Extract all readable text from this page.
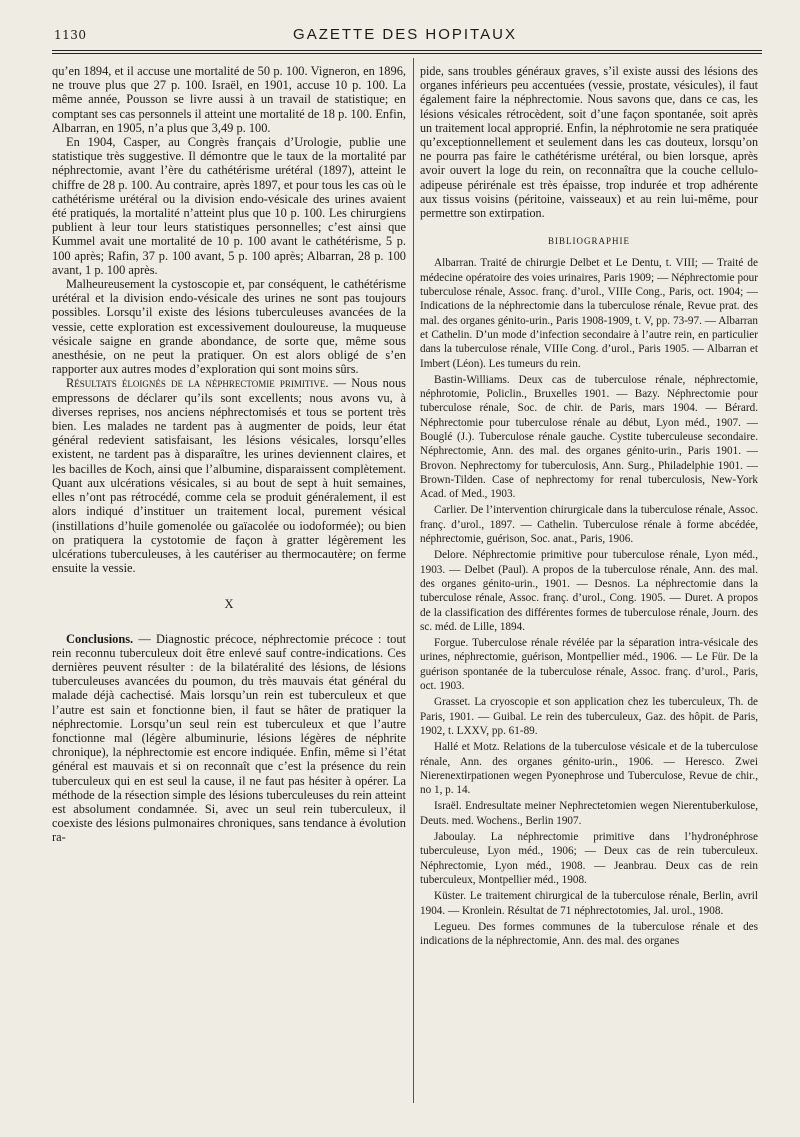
1130	GAZETTE DES HOPITAUX

qu’en 1894, et il accuse une mortalité de 50 p. 100. Vigneron, en 1896, ne trouve plus que 27 p. 100. Israël, en 1901, accuse 10 p. 100. La même année, Pousson se livre aussi à un travail de statistique; en comptant ses cas personnels il atteint une mortalité de 18 p. 100. Enfin, Albarran, en 1905, n’a plus que 3,49 p. 100.

En 1904, Casper, au Congrès français d’Urologie, publie une statistique très suggestive. Il démontre que le taux de la mortalité par néphrectomie, avant l’ère du cathétérisme urétéral (1897), atteint le chiffre de 28 p. 100. Au contraire, après 1897, et pour tous les cas où le cathétérisme urétéral ou la division endo-vésicale des urines avaient été pratiqués, la mortalité n’atteint plus que 10 p. 100. Les chirurgiens publient à leur tour leurs statistiques personnelles; c’est ainsi que Kummel avait une mortalité de 10 p. 100 avant le cathétérisme, 5 p. 100 après; Rafin, 37 p. 100 avant, 5 p. 100 après; Albarran, 28 p. 100 avant, 1 p. 100 après.

Malheureusement la cystoscopie et, par conséquent, le cathétérisme urétéral et la division endo-vésicale des urines ne sont pas toujours possibles. Lorsqu’il existe des lésions tuberculeuses avancées de la vessie, cette exploration est excessivement douloureuse, la muqueuse vésicale saigne en grande abondance, de sorte que, même sous anesthésie, on ne peut la pratiquer. On est alors obligé de s’en rapporter aux autres modes d’exploration qui sont moins sûrs.

Résultats éloignés de la néphrectomie primitive. — Nous nous empressons de déclarer qu’ils sont excellents; nous avons vu, à diverses reprises, nos anciens néphrectomisés et tous se portent très bien. Les malades ne tardent pas à augmenter de poids, leur état général redevient satisfaisant, les lésions vésicales, lorsqu’elles existent, ne tardent pas à disparaître, les urines deviennent claires, et les bacilles de Koch, ainsi que l’albumine, disparaissent complètement. Quant aux ulcérations vésicales, si au bout de sept à huit semaines, elles n’ont pas rétrocédé, comme cela se produit généralement, il est alors indiqué d’instituer un traitement local, purement vésical (instillations d’huile gomenolée ou gaïacolée ou iodoformée); ou bien on pratiquera la cystotomie de façon à gratter légèrement les ulcérations tuberculeuses, à les cautériser au thermocautère; on ferme ensuite la vessie.

X

Conclusions. — Diagnostic précoce, néphrectomie précoce : tout rein reconnu tuberculeux doit être enlevé sauf contre-indications. Ces dernières peuvent résulter : de la bilatéralité des lésions, de lésions tuberculeuses avancées du poumon, du très mauvais état général du malade déjà cachectisé. Mais lorsqu’un rein est tuberculeux et que l’autre est sain et fonctionne bien, il faut se hâter de pratiquer la néphrectomie. Lorsqu’un seul rein est tuberculeux et que l’autre fonctionne mal (légère albuminurie, lésions légères de néphrite chronique), la néphrectomie est encore indiquée. Enfin, même si l’état général est mauvais et si on reconnaît que c’est la présence du rein tuberculeux qui en est seul la cause, il ne faut pas hésiter à opérer. La méthode de la résection simple des lésions tuberculeuses du rein atteint est absolument condamnée. Si, avec un seul rein tuberculeux, il coexiste des lésions pulmonaires chroniques, sans tendance à évolution ra-

pide, sans troubles généraux graves, s’il existe aussi des lésions des organes inférieurs peu accentuées (vessie, prostate, vésicules), il faut également faire la néphrectomie. Nous savons que, dans ce cas, les lésions vésicales rétrocèdent, soit d’une façon spontanée, soit après un traitement local approprié. Enfin, la néphrotomie ne sera pratiquée qu’exceptionnellement et seulement dans les cas douteux, lorsqu’on ne pourra pas faire le cathétérisme urétéral, ou bien lorsque, après avoir ouvert la loge du rein, on reconnaîtra que la couche cellulo-adipeuse périrénale est très épaisse, trop indurée et trop adhérente aux tissus voisins (péritoine, vaisseaux) et au rein lui-même, pour permettre son extirpation.

BIBLIOGRAPHIE

Albarran. Traité de chirurgie Delbet et Le Dentu, t. VIII; — Traité de médecine opératoire des voies urinaires, Paris 1909; — Néphrectomie pour tuberculose rénale, Assoc. franç. d’urol., VIIIe Cong., Paris, oct. 1904; — Indications de la néphrectomie dans la tuberculose rénale, Revue prat. des mal. des organes génito-urin., Paris 1908-1909, t. V, pp. 73-97. — Albarran et Cathelin. D’un mode d’infection secondaire à l’autre rein, en particulier dans la tuberculose rénale, VIIIe Cong. d’urol., Paris 1905. — Albarran et Imbert (Léon). Les tumeurs du rein.

Bastin-Williams. Deux cas de tuberculose rénale, néphrectomie, néphrotomie, Policlin., Bruxelles 1901. — Bazy. Néphrectomie pour tuberculose rénale, Soc. de chir. de Paris, mars 1904. — Bérard. Néphrectomie pour tuberculose rénale au début, Lyon méd., 1907. — Bouglé (J.). Tuberculose rénale gauche. Cystite tuberculeuse secondaire. Néphrectomie, Ann. des mal. des organes génito-urin., Paris 1901. — Brovon. Nephrectomy for tuberculosis, Ann. Surg., Philadelphie 1901. — Brown-Tilden. Case of nephrectomy for renal tuberculosis, New-York Acad. of Med., 1903.

Carlier. De l’intervention chirurgicale dans la tuberculose rénale, Assoc. franç. d’urol., 1897. — Cathelin. Tuberculose rénale à forme abcédée, néphrectomie, guérison, Soc. anat., Paris, 1906.

Delore. Néphrectomie primitive pour tuberculose rénale, Lyon méd., 1903. — Delbet (Paul). A propos de la tuberculose rénale, Ann. des mal. des organes génito-urin., 1901. — Desnos. La néphrectomie dans la tuberculose rénale, Assoc. franç. d’urol., Cong. 1905. — Duret. A propos de la classification des différentes formes de tuberculose rénale, Journ. des sc. méd. de Lille, 1894.

Forgue. Tuberculose rénale révélée par la séparation intra-vésicale des urines, néphrectomie, guérison, Montpellier méd., 1906. — Le Für. De la guérison spontanée de la tuberculose rénale, Assoc. franç. d’urol., Paris, oct. 1903.

Grasset. La cryoscopie et son application chez les tuberculeux, Th. de Paris, 1901. — Guibal. Le rein des tuberculeux, Gaz. des hôpit. de Paris, 1902, t. LXXV, pp. 61-89.

Hallé et Motz. Relations de la tuberculose vésicale et de la tuberculose rénale, Ann. des organes génito-urin., 1906. — Heresco. Zwei Nierenextirpationen wegen Pyonephrose und Tuberculose, Revue de chir., no 1, p. 14.

Israël. Endresultate meiner Nephrectetomien wegen Nierentuberkulose, Deuts. med. Wochens., Berlin 1907.

Jaboulay. La néphrectomie primitive dans l’hydronéphrose tuberculeuse, Lyon méd., 1906; — Deux cas de rein tuberculeux. Néphrectomie, Lyon méd., 1908. — Jeanbrau. Deux cas de rein tuberculeux, Montpellier méd., 1908.

Küster. Le traitement chirurgical de la tuberculose rénale, Berlin, avril 1904. — Kronlein. Résultat de 71 néphrectotomies, Jal. urol., 1908.

Legueu. Des formes communes de la tuberculose rénale et des indications de la néphrectomie, Ann. des mal. des organes
